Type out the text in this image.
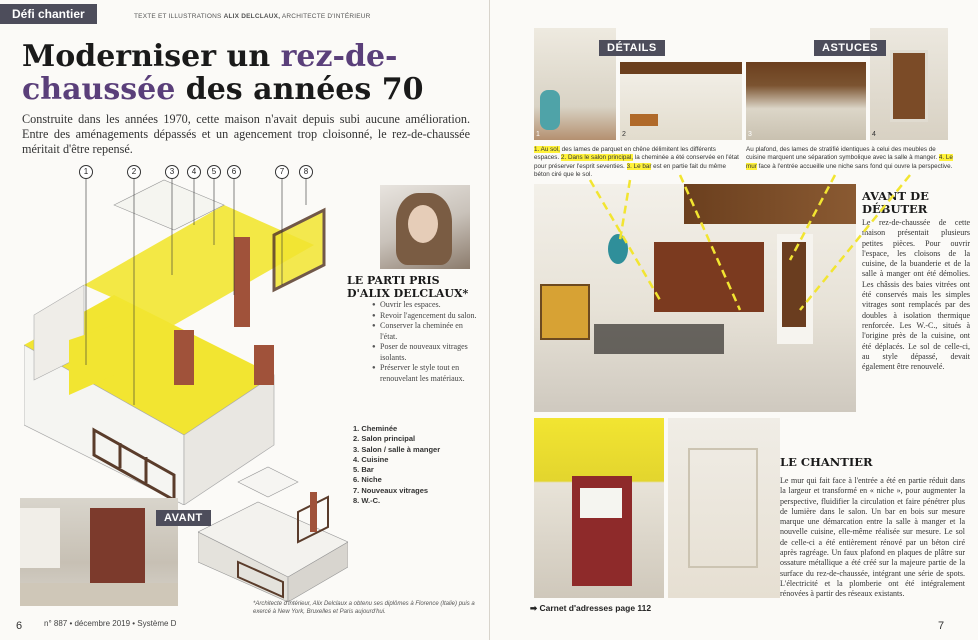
Défi chantier	TEXTE ET ILLUSTRATIONS ALIX DELCLAUX, ARCHITECTE D'INTÉRIEUR
Moderniser un rez-de-chaussée des années 70

Construite dans les années 1970, cette maison n'avait depuis subi aucune amélioration. Entre des aménagements dépassés et un agencement trop cloisonné, le rez-de-chaussée méritait d'être repensé.

1	2	3	4	5	6	7	8
LE PARTI PRIS D'ALIX DELCLAUX*
● Ouvrir les espaces.
● Revoir l'agencement du salon.
● Conserver la cheminée en l'état.
● Poser de nouveaux vitrages isolants.
● Préserver le style tout en renouvelant les matériaux.
1. Cheminée
2. Salon principal
3. Salon / salle à manger
4. Cuisine
5. Bar
6. Niche
7. Nouveaux vitrages
8. W.-C.
AVANT
*Architecte d'intérieur, Alix Delclaux a obtenu ses diplômes à Florence (Italie) puis a exercé à New York, Bruxelles et Paris aujourd'hui.
6	n° 887 • décembre 2019 • Système D
1	2	3	4
DÉTAILS	ASTUCES
1. Au sol, des lames de parquet en chêne délimitent les différents espaces. 2. Dans le salon principal, la cheminée a été conservée en l'état pour préserver l'esprit seventies. 3. Le bar est en partie fait du même béton ciré que le sol.
Au plafond, des lames de stratifié identiques à celui des meubles de cuisine marquent une séparation symbolique avec la salle à manger. 4. Le mur face à l'entrée accueille une niche sans fond qui ouvre la perspective.
AVANT DE DÉBUTER
Le rez-de-chaussée de cette maison présentait plusieurs petites pièces. Pour ouvrir l'espace, les cloisons de la cuisine, de la buanderie et de la salle à manger ont été démolies. Les châssis des baies vitrées ont été conservés mais les simples vitrages sont remplacés par des doubles à isolation thermique renforcée. Les W.-C., situés à l'origine près de la cuisine, ont été déplacés. Le sol de celle-ci, au style dépassé, devait également être renouvelé.
LE CHANTIER
Le mur qui fait face à l'entrée a été en partie réduit dans la largeur et transformé en « niche », pour augmenter la perspective, fluidifier la circulation et faire pénétrer plus de lumière dans le salon. Un bar en bois sur mesure marque une démarcation entre la salle à manger et la nouvelle cuisine, elle-même réalisée sur mesure. Le sol de celle-ci a été entièrement rénové par un béton ciré après ragréage. Un faux plafond en plaques de plâtre sur ossature métallique a été créé sur la majeure partie de la surface du rez-de-chaussée, intégrant une série de spots. L'électricité et la plomberie ont été intégralement rénovées à partir des réseaux existants.
➡ Carnet d'adresses page 112
7
